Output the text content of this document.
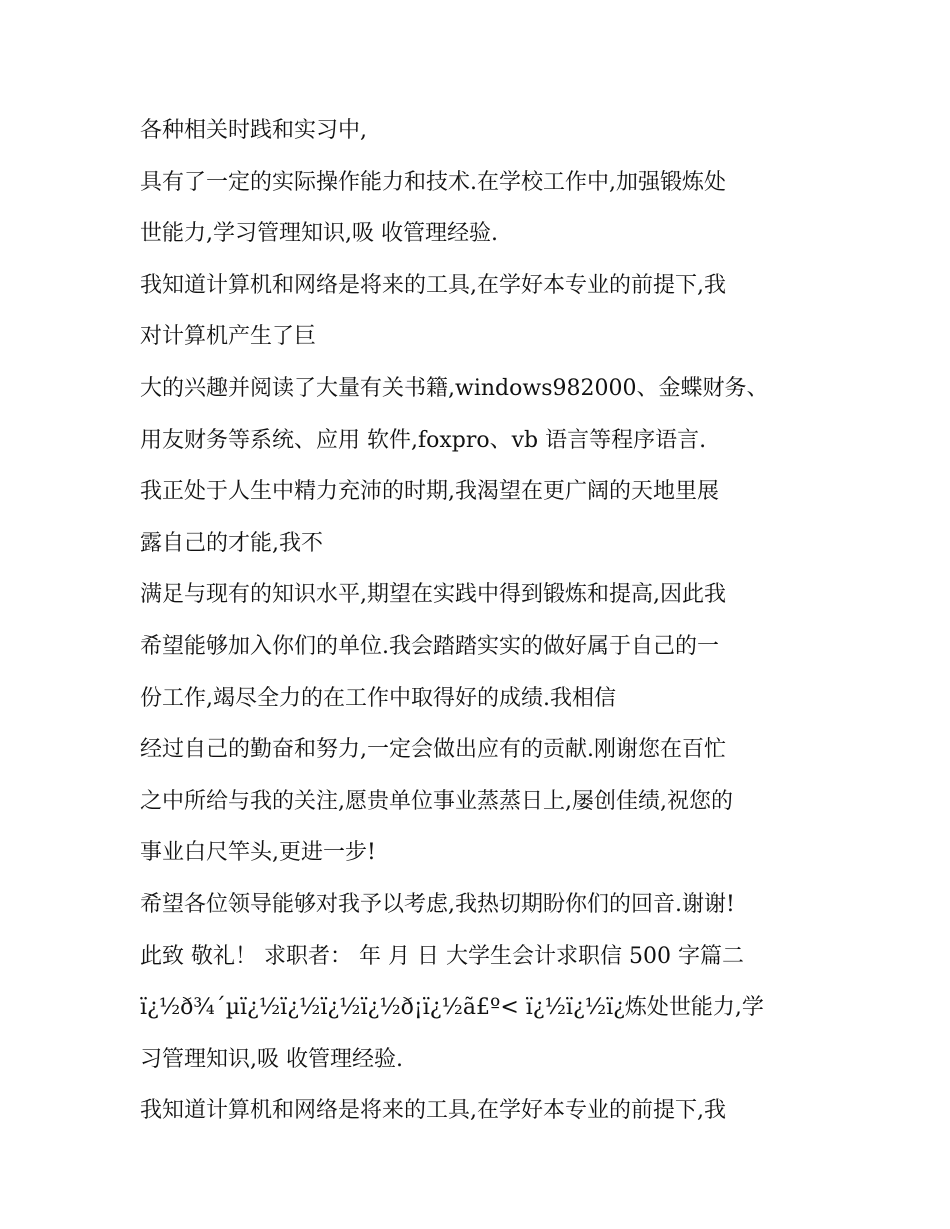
各种相关时践和实习中,
具有了一定的实际操作能力和技术.在学校工作中,加强锻炼处
世能力,学习管理知识,吸 收管理经验.
我知道计算机和网络是将来的工具,在学好本专业的前提下,我
对计算机产生了巨
大的兴趣并阅读了大量有关书籍,windows982000、金蝶财务、
用友财务等系统、应用 软件,foxpro、vb 语言等程序语言.
我正处于人生中精力充沛的时期,我渴望在更广阔的天地里展
露自己的才能,我不
满足与现有的知识水平,期望在实践中得到锻炼和提高,因此我
希望能够加入你们的单位.我会踏踏实实的做好属于自己的一
份工作,竭尽全力的在工作中取得好的成绩.我相信
经过自己的勤奋和努力,一定会做出应有的贡献.刚谢您在百忙
之中所给与我的关注,愿贵单位事业蒸蒸日上,屡创佳绩,祝您的
事业白尺竿头,更进一步!
希望各位领导能够对我予以考虑,我热切期盼你们的回音.谢谢!
此致 敬礼！ 求职者： 年 月 日 大学生会计求职信 500 字篇二
ï¿½ð¾´µï¿½ï¿½ï¿½ï¿½ð¡ï¿½ã£º< ï¿½ï¿½ï¿炼处世能力,学
习管理知识,吸 收管理经验.
我知道计算机和网络是将来的工具,在学好本专业的前提下,我
